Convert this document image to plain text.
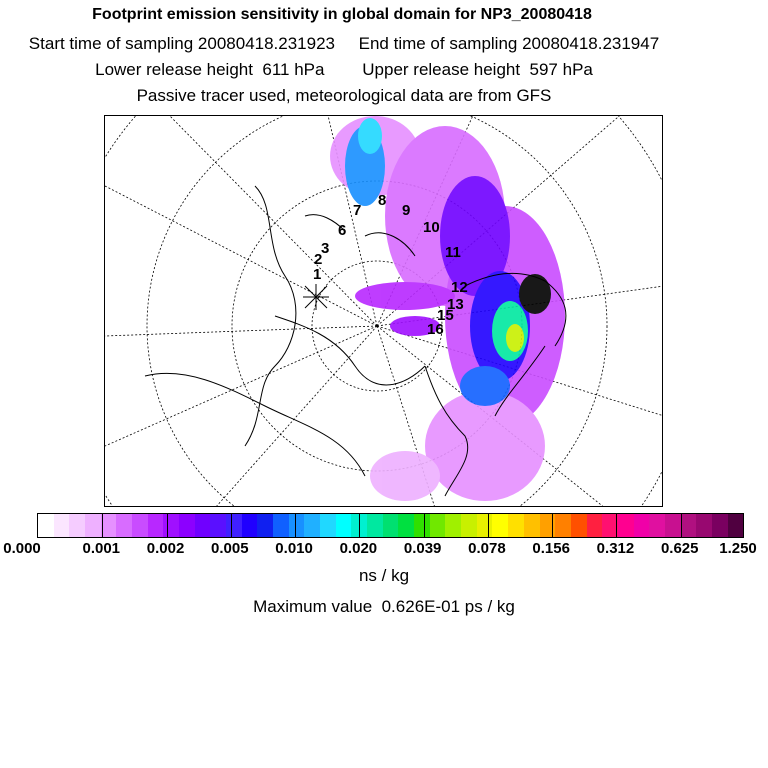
Footprint emission sensitivity in global domain for NP3_20080418
Start time of sampling 20080418.231923     End time of sampling 20080418.231947
Lower release height  611 hPa        Upper release height  597 hPa
Passive tracer used, meteorological data are from GFS
1
2
3
6
7
8
9
10
11
12
13
15
16
ns / kg
Maximum value  0.626E-01 ps / kg
0.000	0.001 0.002 0.005 0.010 0.020 0.039 0.078 0.156 0.312 0.625 1.250
